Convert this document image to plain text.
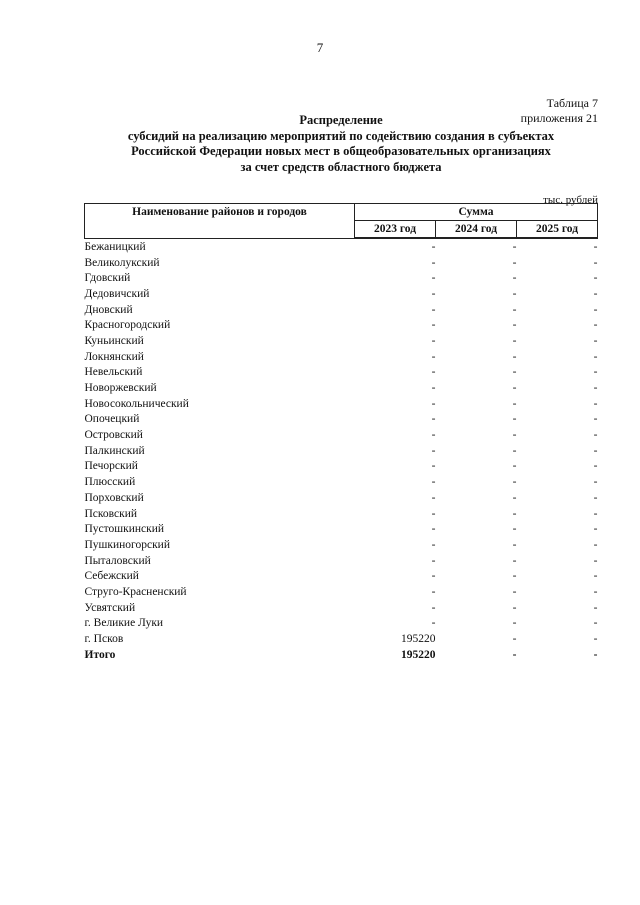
7
Таблица 7
приложения 21
Распределение
субсидий на реализацию мероприятий по содействию создания в субъектах
Российской Федерации новых мест в общеобразовательных организациях
за счет средств областного бюджета
тыс. рублей
Наименование районов и городов	Сумма		
	2023 год	2024 год	2025 год
Бежаницкий	-	-	-
Великолукский	-	-	-
Гдовский	-	-	-
Дедовичский	-	-	-
Дновский	-	-	-
Красногородский	-	-	-
Куньинский	-	-	-
Локнянский	-	-	-
Невельский	-	-	-
Новоржевский	-	-	-
Новосокольнический	-	-	-
Опочецкий	-	-	-
Островский	-	-	-
Палкинский	-	-	-
Печорский	-	-	-
Плюсский	-	-	-
Порховский	-	-	-
Псковский	-	-	-
Пустошкинский	-	-	-
Пушкиногорский	-	-	-
Пыталовский	-	-	-
Себежский	-	-	-
Струго-Красненский	-	-	-
Усвятский	-	-	-
г. Великие Луки	-	-	-
г. Псков	195220	-	-
Итого	195220	-	-
